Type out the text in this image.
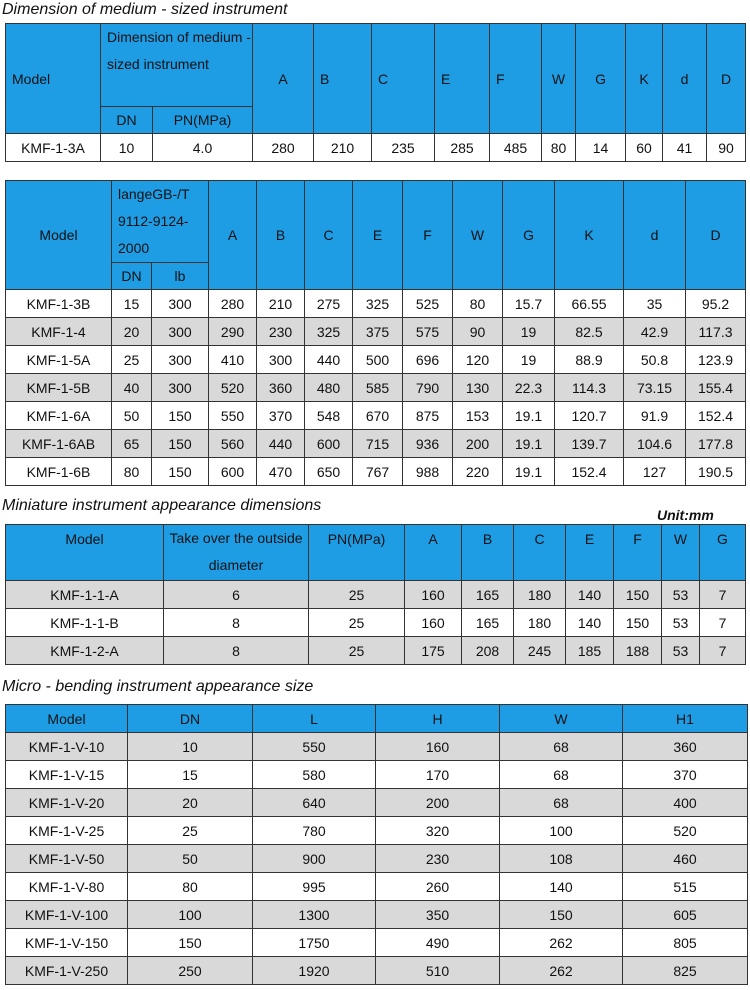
Dimension of medium - sized instrument
Model	Dimension of medium - sized instrument		A	B	C	E	F	W	G	K	d	D
	DN	PN(MPa)										
KMF-1-3A	10	4.0	280	210	235	285	485	80	14	60	41	90
Model	langeGB-/T 9112-9124-2000		A	B	C	E	F	W	G	K	d	D
	DN	lb										
KMF-1-3B	15	300	280	210	275	325	525	80	15.7	66.55	35	95.2
KMF-1-4	20	300	290	230	325	375	575	90	19	82.5	42.9	117.3
KMF-1-5A	25	300	410	300	440	500	696	120	19	88.9	50.8	123.9
KMF-1-5B	40	300	520	360	480	585	790	130	22.3	114.3	73.15	155.4
KMF-1-6A	50	150	550	370	548	670	875	153	19.1	120.7	91.9	152.4
KMF-1-6AB	65	150	560	440	600	715	936	200	19.1	139.7	104.6	177.8
KMF-1-6B	80	150	600	470	650	767	988	220	19.1	152.4	127	190.5
Miniature instrument appearance dimensions
Unit:mm
Model	Take over the outside diameter	PN(MPa)	A	B	C	E	F	W	G
KMF-1-1-A	6	25	160	165	180	140	150	53	7
KMF-1-1-B	8	25	160	165	180	140	150	53	7
KMF-1-2-A	8	25	175	208	245	185	188	53	7
Micro - bending instrument appearance size
Model	DN	L	H	W	H1
KMF-1-V-10	10	550	160	68	360
KMF-1-V-15	15	580	170	68	370
KMF-1-V-20	20	640	200	68	400
KMF-1-V-25	25	780	320	100	520
KMF-1-V-50	50	900	230	108	460
KMF-1-V-80	80	995	260	140	515
KMF-1-V-100	100	1300	350	150	605
KMF-1-V-150	150	1750	490	262	805
KMF-1-V-250	250	1920	510	262	825
